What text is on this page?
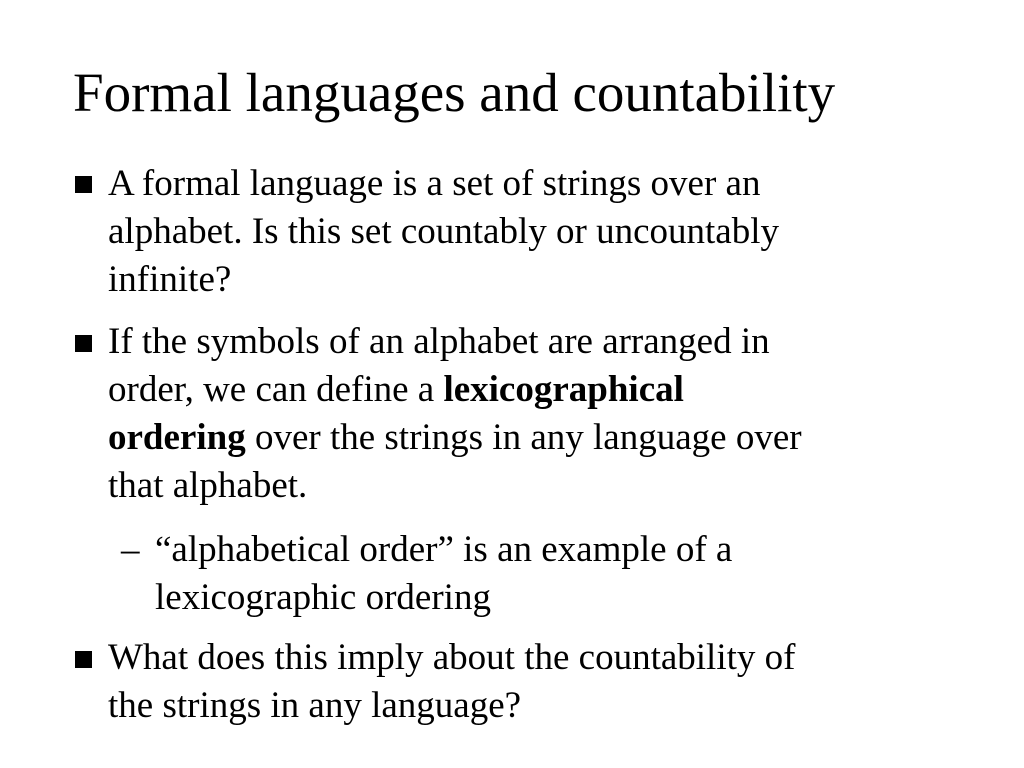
Formal languages and countability

A formal language is a set of strings over an
alphabet. Is this set countably or uncountably
infinite?

If the symbols of an alphabet are arranged in
order, we can define a lexicographical
ordering over the strings in any language over
that alphabet.

– “alphabetical order” is an example of a
lexicographic ordering

What does this imply about the countability of
the strings in any language?
